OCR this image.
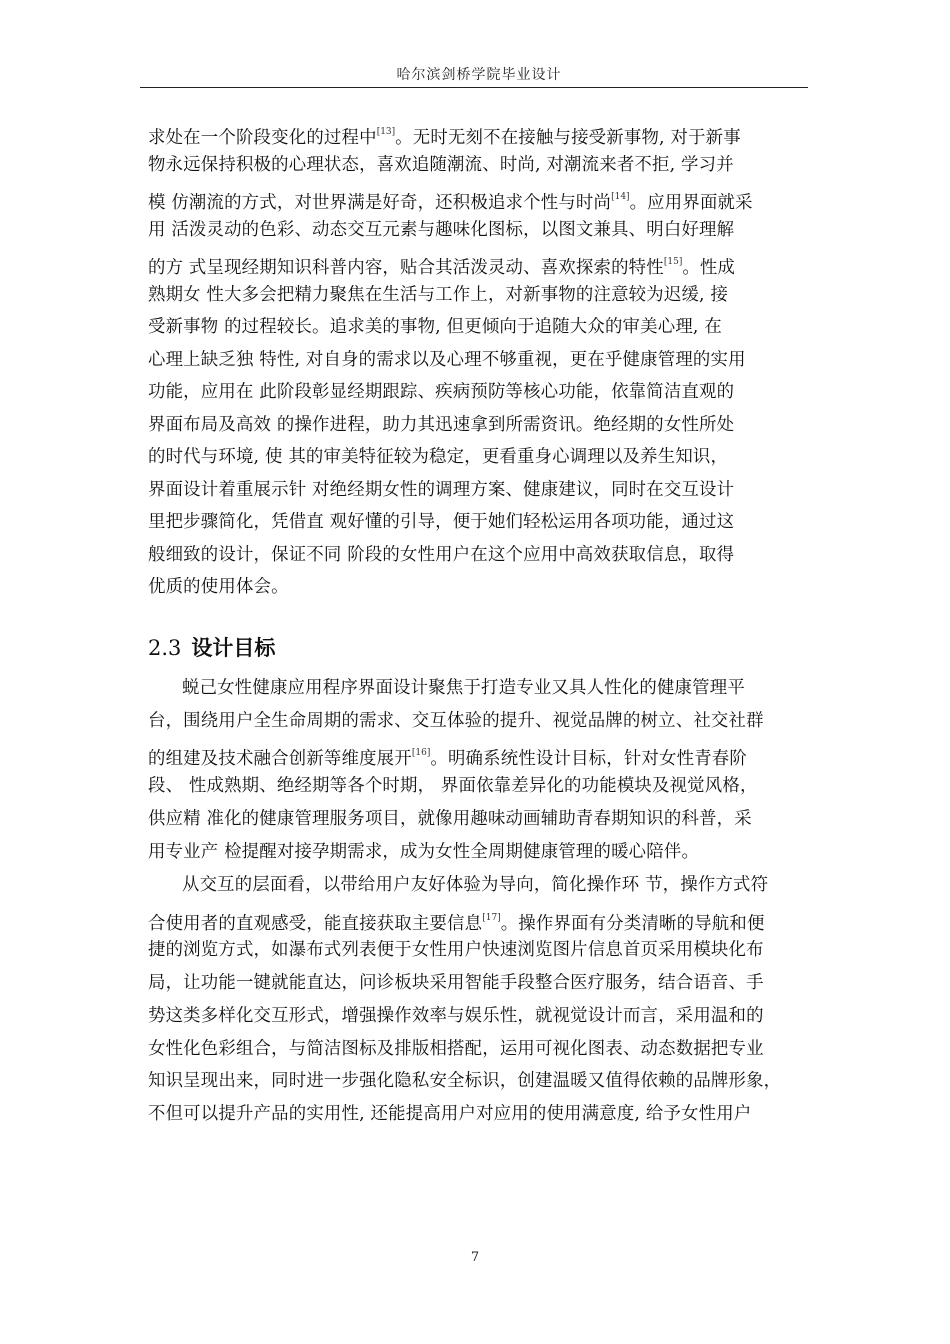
哈尔滨剑桥学院毕业设计
求处在一个阶段变化的过程中[13]。无时无刻不在接触与接受新事物, 对于新事
物永远保持积极的心理状态，喜欢追随潮流、时尚, 对潮流来者不拒, 学习并
模 仿潮流的方式，对世界满是好奇，还积极追求个性与时尚[14]。应用界面就采
用 活泼灵动的色彩、动态交互元素与趣味化图标，以图文兼具、明白好理解
的方 式呈现经期知识科普内容，贴合其活泼灵动、喜欢探索的特性[15]。性成
熟期女 性大多会把精力聚焦在生活与工作上，对新事物的注意较为迟缓, 接
受新事物 的过程较长。追求美的事物, 但更倾向于追随大众的审美心理, 在
心理上缺乏独 特性, 对自身的需求以及心理不够重视，更在乎健康管理的实用
功能，应用在 此阶段彰显经期跟踪、疾病预防等核心功能，依靠简洁直观的
界面布局及高效 的操作进程，助力其迅速拿到所需资讯。绝经期的女性所处
的时代与环境, 使 其的审美特征较为稳定，更看重身心调理以及养生知识，
界面设计着重展示针 对绝经期女性的调理方案、健康建议，同时在交互设计
里把步骤简化，凭借直 观好懂的引导，便于她们轻松运用各项功能，通过这
般细致的设计，保证不同 阶段的女性用户在这个应用中高效获取信息，取得
优质的使用体会。
2.3 设计目标
蜕己女性健康应用程序界面设计聚焦于打造专业又具人性化的健康管理平
台，围绕用户全生命周期的需求、交互体验的提升、视觉品牌的树立、社交社群
的组建及技术融合创新等维度展开[16]。明确系统性设计目标，针对女性青春阶
段、 性成熟期、绝经期等各个时期， 界面依靠差异化的功能模块及视觉风格，
供应精 准化的健康管理服务项目，就像用趣味动画辅助青春期知识的科普，采
用专业产 检提醒对接孕期需求，成为女性全周期健康管理的暖心陪伴。
从交互的层面看，以带给用户友好体验为导向，简化操作环 节，操作方式符
合使用者的直观感受，能直接获取主要信息[17]。操作界面有分类清晰的导航和便
捷的浏览方式，如瀑布式列表便于女性用户快速浏览图片信息首页采用模块化布
局，让功能一键就能直达，问诊板块采用智能手段整合医疗服务，结合语音、手
势这类多样化交互形式，增强操作效率与娱乐性，就视觉设计而言，采用温和的
女性化色彩组合，与简洁图标及排版相搭配，运用可视化图表、动态数据把专业
知识呈现出来，同时进一步强化隐私安全标识，创建温暖又值得依赖的品牌形象，
不但可以提升产品的实用性, 还能提高用户对应用的使用满意度, 给予女性用户
7
